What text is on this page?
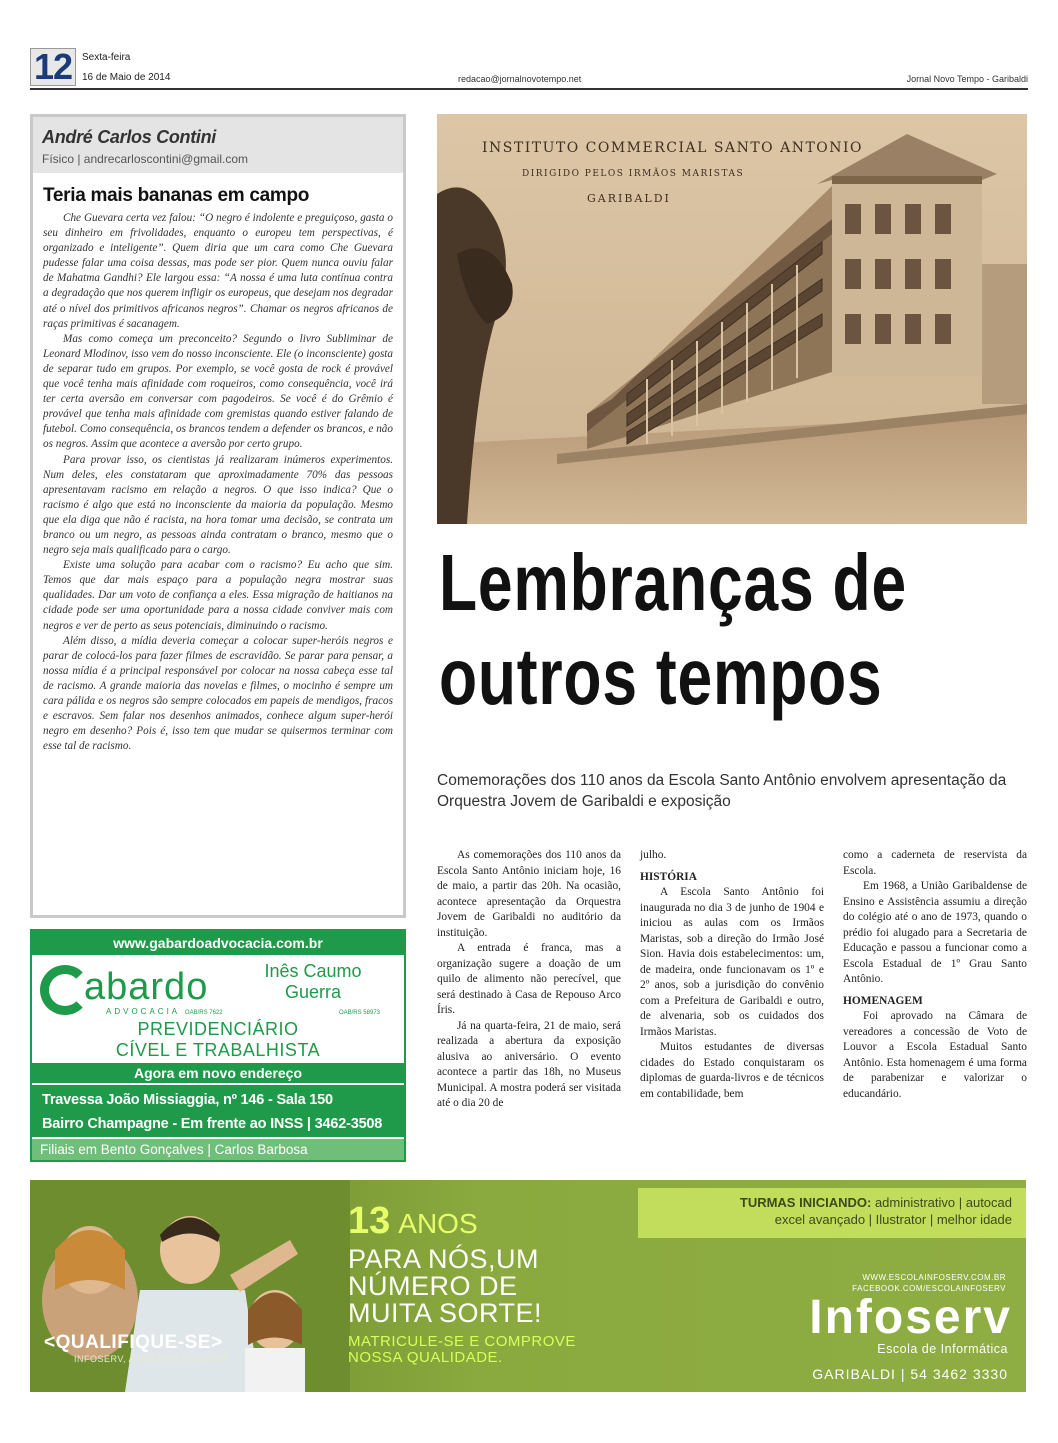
12 Sexta-feira
16 de Maio de 2014	redacao@jornalnovotempo.net	Jornal Novo Tempo - Garibaldi
André Carlos Contini
Físico | andrecarloscontini@gmail.com
Teria mais bananas em campo

Che Guevara certa vez falou: “O negro é indolente e preguiçoso, gasta o seu dinheiro em frivolidades, enquanto o europeu tem perspectivas, é organizado e inteligente”. Quem diria que um cara como Che Guevara pudesse falar uma coisa dessas, mas pode ser pior. Quem nunca ouviu falar de Mahatma Gandhi? Ele largou essa: “A nossa é uma luta contínua contra a degradação que nos querem infligir os europeus, que desejam nos degradar até o nível dos primitivos africanos negros”. Chamar os negros africanos de raças primitivas é sacanagem.

Mas como começa um preconceito? Segundo o livro Subliminar de Leonard Mlodinov, isso vem do nosso inconsciente. Ele (o inconsciente) gosta de separar tudo em grupos. Por exemplo, se você gosta de rock é provável que você tenha mais afinidade com roqueiros, como consequência, você irá ter certa aversão em conversar com pagodeiros. Se você é do Grêmio é provável que tenha mais afinidade com gremistas quando estiver falando de futebol. Como consequência, os brancos tendem a defender os brancos, e não os negros. Assim que acontece a aversão por certo grupo.

Para provar isso, os cientistas já realizaram inúmeros experimentos. Num deles, eles constataram que aproximadamente 70% das pessoas apresentavam racismo em relação a negros. O que isso indica? Que o racismo é algo que está no inconsciente da maioria da população. Mesmo que ela diga que não é racista, na hora tomar uma decisão, se contrata um branco ou um negro, as pessoas ainda contratam o branco, mesmo que o negro seja mais qualificado para o cargo.

Existe uma solução para acabar com o racismo? Eu acho que sim. Temos que dar mais espaço para a população negra mostrar suas qualidades. Dar um voto de confiança a eles. Essa migração de haitianos na cidade pode ser uma oportunidade para a nossa cidade conviver mais com negros e ver de perto as seus potenciais, diminuindo o racismo.

Além disso, a mídia deveria começar a colocar super-heróis negros e parar de colocá-los para fazer filmes de escravidão. Se parar para pensar, a nossa mídia é a principal responsável por colocar na nossa cabeça esse tal de racismo. A grande maioria das novelas e filmes, o mocinho é sempre um cara pálida e os negros são sempre colocados em papeis de mendigos, fracos e escravos. Sem falar nos desenhos animados, conhece algum super-herói negro em desenho? Pois é, isso tem que mudar se quisermos terminar com esse tal de racismo.

www.gabardoadvocacia.com.br
abardo
ADVOCACIA OAB/RS 7622
Inês Caumo
Guerra
OAB/RS 58973
PREVIDENCIÁRIO
CÍVEL E TRABALHISTA
Agora em novo endereço
Travessa João Missiaggia, nº 146 - Sala 150
Bairro Champagne - Em frente ao INSS | 3462-3508
Filiais em Bento Gonçalves | Carlos Barbosa
INSTITUTO COMMERCIAL SANTO ANTONIO
DIRIGIDO PELOS IRMÃOS MARISTAS
GARIBALDI
Lembranças de
outros tempos
Comemorações dos 110 anos da Escola Santo Antônio envolvem apresentação da Orquestra Jovem de Garibaldi e exposição

As comemorações dos 110 anos da Escola Santo Antônio iniciam hoje, 16 de maio, a partir das 20h. Na ocasião, acontece apresentação da Orquestra Jovem de Garibaldi no auditório da instituição.

A entrada é franca, mas a organização sugere a doação de um quilo de alimento não perecível, que será destinado à Casa de Repouso Arco Íris.

Já na quarta-feira, 21 de maio, será realizada a abertura da exposição alusiva ao aniversário. O evento acontece a partir das 18h, no Museus Municipal. A mostra poderá ser visitada até o dia 20 de

julho.

HISTÓRIA

A Escola Santo Antônio foi inaugurada no dia 3 de junho de 1904 e iniciou as aulas com os Irmãos Maristas, sob a direção do Irmão José Sion. Havia dois estabelecimentos: um, de madeira, onde funcionavam os 1º e 2º anos, sob a jurisdição do convênio com a Prefeitura de Garibaldi e outro, de alvenaria, sob os cuidados dos Irmãos Maristas.

Muitos estudantes de diversas cidades do Estado conquistaram os diplomas de guarda-livros e de técnicos em contabilidade, bem

como a caderneta de reservista da Escola.

Em 1968, a União Garibaldense de Ensino e Assistência assumiu a direção do colégio até o ano de 1973, quando o prédio foi alugado para a Secretaria de Educação e passou a funcionar como a Escola Estadual de 1º Grau Santo Antônio.

HOMENAGEM

Foi aprovado na Câmara de vereadores a concessão de Voto de Louvor a Escola Estadual Santo Antônio. Esta homenagem é uma forma de parabenizar e valorizar o educandário.

<QUALIFIQUE-SE>
INFOSERV, A MELHOR ESCOLHA
13 ANOS
PARA NÓS,UM
NÚMERO DE
MUITA SORTE!
MATRICULE-SE E COMPROVE
NOSSA QUALIDADE.
TURMAS INICIANDO: administrativo | autocad
excel avançado | Ilustrator | melhor idade
WWW.ESCOLAINFOSERV.COM.BR
FACEBOOK.COM/ESCOLAINFOSERV
Infoserv
Escola de Informática
GARIBALDI | 54 3462 3330
